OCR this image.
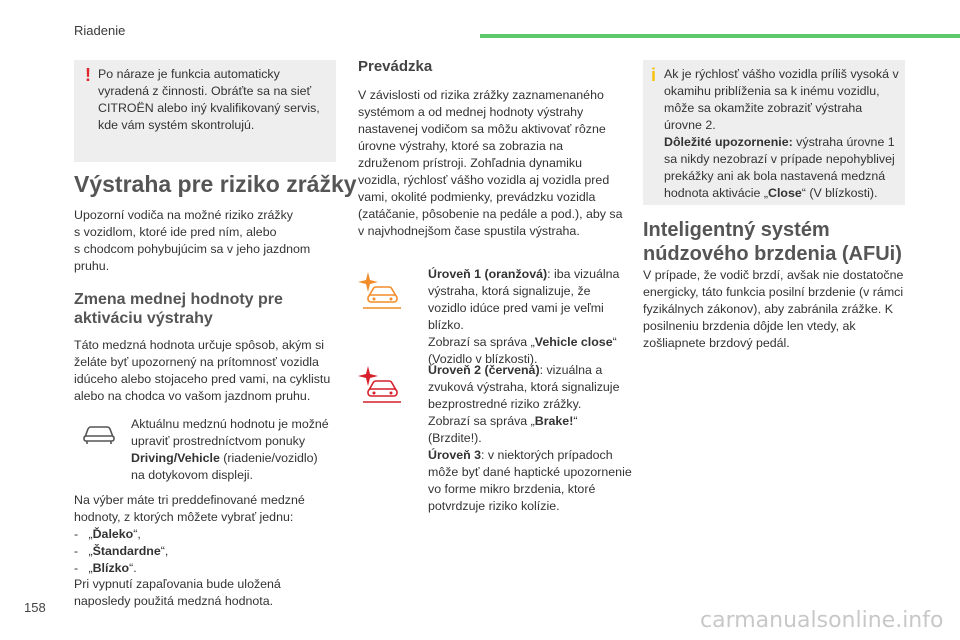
Riadenie
! Po náraze je funkcia automaticky vyradená z činnosti. Obráťte sa na sieť CITROËN alebo iný kvalifikovaný servis, kde vám systém skontrolujú.

Výstraha pre riziko zrážky

Upozorní vodiča na možné riziko zrážky

s vozidlom, ktoré ide pred ním, alebo

s chodcom pohybujúcim sa v jeho jazdnom

pruhu.

Zmena mednej hodnoty pre
aktiváciu výstrahy
Táto medzná hodnota určuje spôsob, akým si želáte byť upozornený na prítomnosť vozidla idúceho alebo stojaceho pred vami, na cyklistu alebo na chodca vo vašom jazdnom pruhu.
Aktuálnu medznú hodnotu je možné upraviť prostredníctvom ponuky Driving/Vehicle (riadenie/vozidlo) na dotykovom displeji.
Na výber máte tri preddefinované medzné hodnoty, z ktorých môžete vybrať jednu:

- „Ďaleko“,

- „Štandardne“,

- „Blízko“.

Pri vypnutí zapaľovania bude uložená naposledy použitá medzná hodnota.
Prevádzka
V závislosti od rizika zrážky zaznamenaného systémom a od mednej hodnoty výstrahy nastavenej vodičom sa môžu aktivovať rôzne úrovne výstrahy, ktoré sa zobrazia na združenom prístroji. Zohľadnia dynamiku vozidla, rýchlosť vášho vozidla aj vozidla pred vami, okolité podmienky, prevádzku vozidla (zatáčanie, pôsobenie na pedále a pod.), aby sa v najvhodnejšom čase spustila výstraha.
Úroveň 1 (oranžová): iba vizuálna výstraha, ktorá signalizuje, že vozidlo idúce pred vami je veľmi blízko.
Zobrazí sa správa „Vehicle close“ (Vozidlo v blízkosti).
Úroveň 2 (červená): vizuálna a zvuková výstraha, ktorá signalizuje bezprostredné riziko zrážky.
Zobrazí sa správa „Brake!“ (Brzdite!).
Úroveň 3: v niektorých prípadoch môže byť dané haptické upozornenie vo forme mikro brzdenia, ktoré potvrdzuje riziko kolízie.
i Ak je rýchlosť vášho vozidla príliš vysoká v okamihu priblíženia sa k inému vozidlu, môže sa okamžite zobraziť výstraha úrovne 2.
Dôležité upozornenie: výstraha úrovne 1 sa nikdy nezobrazí v prípade nepohyblivej prekážky ani ak bola nastavená medzná hodnota aktivácie „Close“ (V blízkosti).

Inteligentný systém
núdzového brzdenia (AFUi)
V prípade, že vodič brzdí, avšak nie dostatočne energicky, táto funkcia posilní brzdenie (v rámci fyzikálnych zákonov), aby zabránila zrážke. K posilneniu brzdenia dôjde len vtedy, ak zošliapnete brzdový pedál.
158
carmanualsonline.info
